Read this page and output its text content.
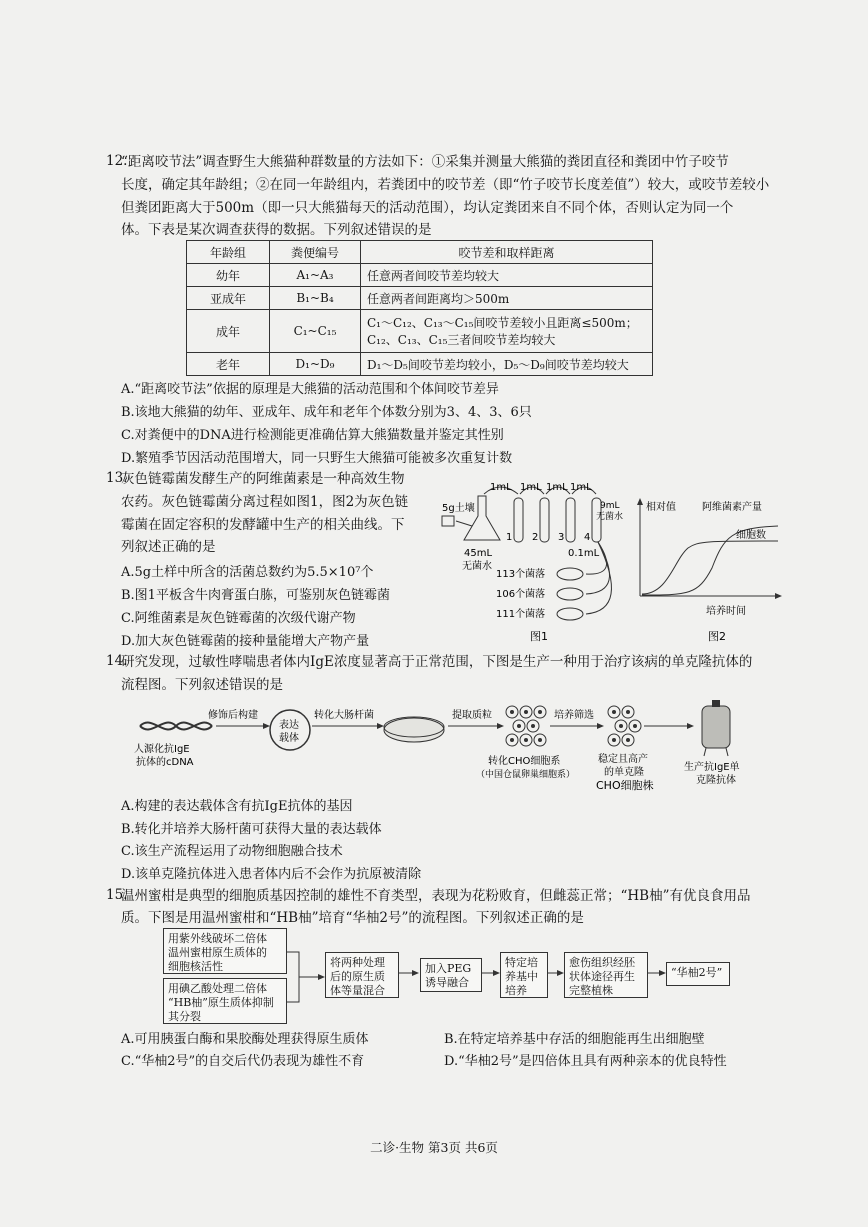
12.
“距离咬节法”调查野生大熊猫种群数量的方法如下：①采集并测量大熊猫的粪团直径和粪团中竹子咬节
长度，确定其年龄组；②在同一年龄组内，若粪团中的咬节差（即“竹子咬节长度差值”）较大，或咬节差较小
但粪团距离大于500m（即一只大熊猫每天的活动范围），均认定粪团来自不同个体，否则认定为同一个
体。下表是某次调查获得的数据。下列叙述错误的是
年龄组	粪便编号	咬节差和取样距离
幼年	A₁~A₃	任意两者间咬节差均较大
亚成年	B₁~B₄	任意两者间距离均＞500m
成年	C₁~C₁₅	C₁～C₁₂、C₁₃～C₁₅间咬节差较小且距离≤500m；
C₁₂、C₁₃、C₁₅三者间咬节差均较大

老年	D₁~D₉	D₁～D₅间咬节差均较小，D₅～D₉间咬节差均较大
A.“距离咬节法”依据的原理是大熊猫的活动范围和个体间咬节差异
B.该地大熊猫的幼年、亚成年、成年和老年个体数分别为3、4、3、6只
C.对粪便中的DNA进行检测能更准确估算大熊猫数量并鉴定其性别
D.繁殖季节因活动范围增大，同一只野生大熊猫可能被多次重复计数
13.
灰色链霉菌发酵生产的阿维菌素是一种高效生物
农药。灰色链霉菌分离过程如图1，图2为灰色链
霉菌在固定容积的发酵罐中生产的相关曲线。下
列叙述正确的是
A.5g土样中所含的活菌总数约为5.5×10⁷个
B.图1平板含牛肉膏蛋白胨，可鉴别灰色链霉菌
C.阿维菌素是灰色链霉菌的次级代谢产物
D.加大灰色链霉菌的接种量能增大产物产量
5g土壤
45mL
无菌水
1mL 1mL 1mL 1mL
1 2 3 4
9mL
无菌水
0.1mL
113个菌落
106个菌落
111个菌落
图1
相对值
培养时间
阿维菌素产量
细胞数
图2
14.
研究发现，过敏性哮喘患者体内IgE浓度显著高于正常范围，下图是生产一种用于治疗该病的单克隆抗体的
流程图。下列叙述错误的是
人源化抗IgE
抗体的cDNA
修饰后构建
表达
载体
转化大肠杆菌	提取质粒
转化CHO细胞系
（中国仓鼠卵巢细胞系）
培养筛选
稳定且高产
的单克隆
CHO细胞株
生产抗IgE单
克隆抗体
A.构建的表达载体含有抗IgE抗体的基因
B.转化并培养大肠杆菌可获得大量的表达载体
C.该生产流程运用了动物细胞融合技术
D.该单克隆抗体进入患者体内后不会作为抗原被清除
15.
温州蜜柑是典型的细胞质基因控制的雄性不育类型，表现为花粉败育，但雌蕊正常；“HB柚”有优良食用品
质。下图是用温州蜜柑和“HB柚”培育“华柚2号”的流程图。下列叙述正确的是
用紫外线破坏二倍体
温州蜜柑原生质体的
细胞核活性
用碘乙酸处理二倍体
“HB柚”原生质体抑制
其分裂
将两种处理
后的原生质
体等量混合
加入PEG
诱导融合
特定培
养基中
培养
愈伤组织经胚
状体途径再生
完整植株
“华柚2号”
A.可用胰蛋白酶和果胶酶处理获得原生质体	B.在特定培养基中存活的细胞能再生出细胞壁
C.“华柚2号”的自交后代仍表现为雄性不育	D.“华柚2号”是四倍体且具有两种亲本的优良特性
二诊·生物 第3页 共6页
